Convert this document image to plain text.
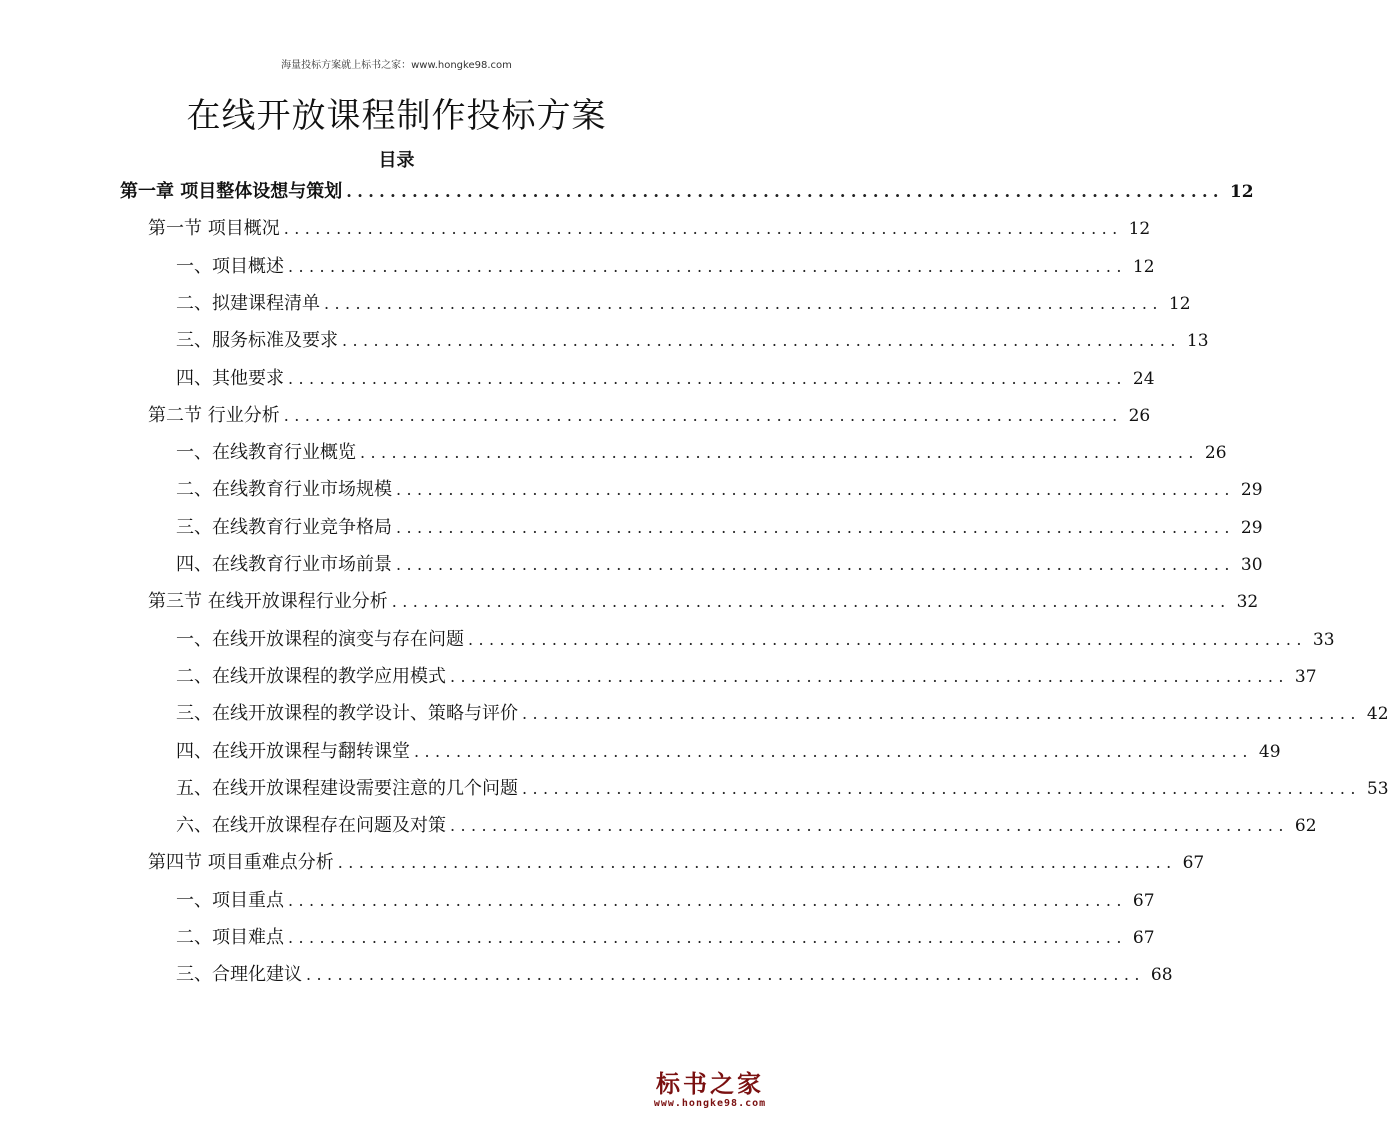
海量投标方案就上标书之家：www.hongke98.com
在线开放课程制作投标方案
目录
第一章 项目整体设想与策划 ................................................................................ 12
第一节 项目概况 ................................................................................ 12
一、项目概述 ................................................................................ 12
二、拟建课程清单 ................................................................................ 12
三、服务标准及要求 ................................................................................ 13
四、其他要求 ................................................................................ 24
第二节 行业分析 ................................................................................ 26
一、在线教育行业概览 ................................................................................ 26
二、在线教育行业市场规模 ................................................................................ 29
三、在线教育行业竞争格局 ................................................................................ 29
四、在线教育行业市场前景 ................................................................................ 30
第三节 在线开放课程行业分析 ................................................................................ 32
一、在线开放课程的演变与存在问题 ................................................................................ 33
二、在线开放课程的教学应用模式 ................................................................................ 37
三、在线开放课程的教学设计、策略与评价 ................................................................................ 42
四、在线开放课程与翻转课堂 ................................................................................ 49
五、在线开放课程建设需要注意的几个问题 ................................................................................ 53
六、在线开放课程存在问题及对策 ................................................................................ 62
第四节 项目重难点分析 ................................................................................ 67
一、项目重点 ................................................................................ 67
二、项目难点 ................................................................................ 67
三、合理化建议 ................................................................................ 68
标书之家
www.hongke98.com
